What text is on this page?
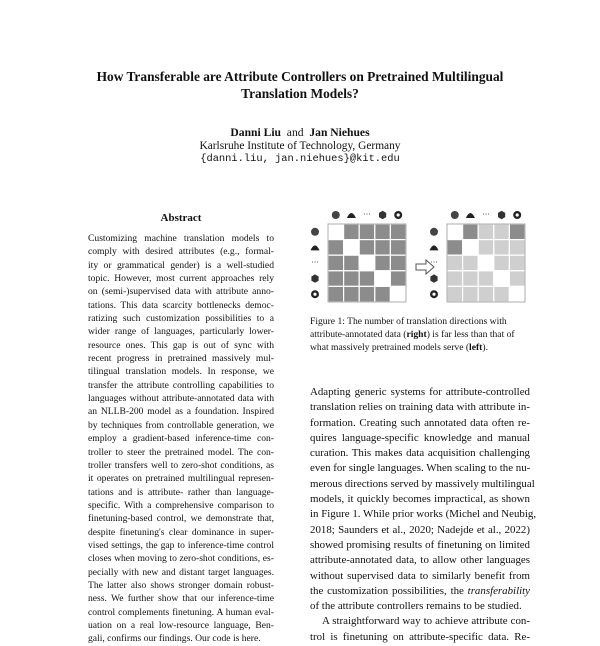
How Transferable are Attribute Controllers on Pretrained Multilingual
Translation Models?
Danni Liu and Jan Niehues
Karlsruhe Institute of Technology, Germany
{danni.liu, jan.niehues}@kit.edu
Abstract
Customizing machine translation models to
comply with desired attributes (e.g., formal-
ity or grammatical gender) is a well-studied
topic. However, most current approaches rely
on (semi-)supervised data with attribute anno-
tations. This data scarcity bottlenecks democ-
ratizing such customization possibilities to a
wider range of languages, particularly lower-
resource ones. This gap is out of sync with
recent progress in pretrained massively mul-
tilingual translation models. In response, we
transfer the attribute controlling capabilities to
languages without attribute-annotated data with
an NLLB-200 model as a foundation. Inspired
by techniques from controllable generation, we
employ a gradient-based inference-time con-
troller to steer the pretrained model. The con-
troller transfers well to zero-shot conditions, as
it operates on pretrained multilingual represen-
tations and is attribute- rather than language-
specific. With a comprehensive comparison to
finetuning-based control, we demonstrate that,
despite finetuning's clear dominance in super-
vised settings, the gap to inference-time control
closes when moving to zero-shot conditions, es-
pecially with new and distant target languages.
The latter also shows stronger domain robust-
ness. We further show that our inference-time
control complements finetuning. A human eval-
uation on a real low-resource language, Ben-
gali, confirms our findings. Our code is here.
···
···
···
···
Figure 1: The number of translation directions with
attribute-annotated data (right) is far less than that of
what massively pretrained models serve (left).
Adapting generic systems for attribute-controlled
translation relies on training data with attribute in-
formation. Creating such annotated data often re-
quires language-specific knowledge and manual
curation. This makes data acquisition challenging
even for single languages. When scaling to the nu-
merous directions served by massively multilingual
models, it quickly becomes impractical, as shown
in Figure 1. While prior works (Michel and Neubig,
2018; Saunders et al., 2020; Nadejde et al., 2022)
showed promising results of finetuning on limited
attribute-annotated data, to allow other languages
without supervised data to similarly benefit from
the customization possibilities, the transferability
of the attribute controllers remains to be studied.
A straightforward way to achieve attribute con-
trol is finetuning on attribute-specific data. Re-
